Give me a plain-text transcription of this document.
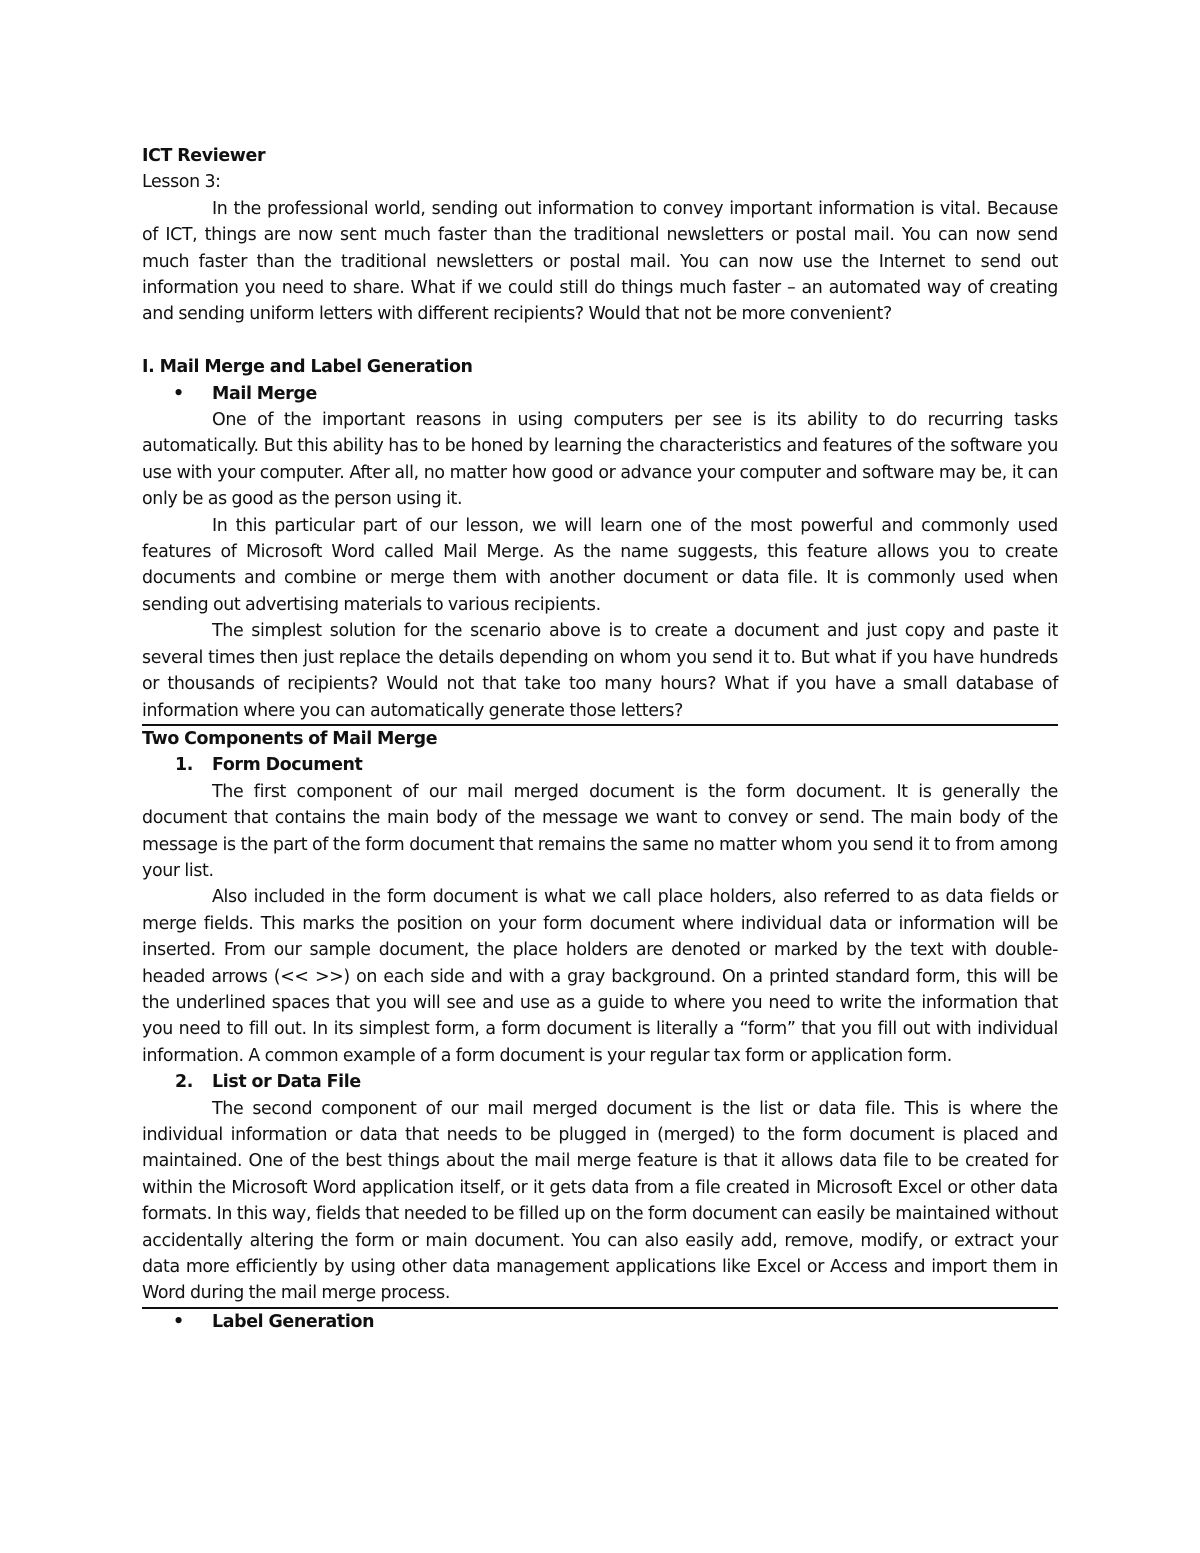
ICT Reviewer

Lesson 3:

In the professional world, sending out information to convey important information is vital. Because of ICT, things are now sent much faster than the traditional newsletters or postal mail. You can now send much faster than the traditional newsletters or postal mail. You can now use the Internet to send out information you need to share. What if we could still do things much faster – an automated way of creating and sending uniform letters with different recipients? Would that not be more convenient?

I. Mail Merge and Label Generation

• Mail Merge

One of the important reasons in using computers per see is its ability to do recurring tasks automatically. But this ability has to be honed by learning the characteristics and features of the software you use with your computer. After all, no matter how good or advance your computer and software may be, it can only be as good as the person using it.

In this particular part of our lesson, we will learn one of the most powerful and commonly used features of Microsoft Word called Mail Merge. As the name suggests, this feature allows you to create documents and combine or merge them with another document or data file. It is commonly used when sending out advertising materials to various recipients.

The simplest solution for the scenario above is to create a document and just copy and paste it several times then just replace the details depending on whom you send it to. But what if you have hundreds or thousands of recipients? Would not that take too many hours? What if you have a small database of information where you can automatically generate those letters?

Two Components of Mail Merge

1. Form Document

The first component of our mail merged document is the form document. It is generally the document that contains the main body of the message we want to convey or send. The main body of the message is the part of the form document that remains the same no matter whom you send it to from among your list.

Also included in the form document is what we call place holders, also referred to as data fields or merge fields. This marks the position on your form document where individual data or information will be inserted. From our sample document, the place holders are denoted or marked by the text with double-headed arrows (<< >>) on each side and with a gray background. On a printed standard form, this will be the underlined spaces that you will see and use as a guide to where you need to write the information that you need to fill out. In its simplest form, a form document is literally a “form” that you fill out with individual information. A common example of a form document is your regular tax form or application form.

2. List or Data File

The second component of our mail merged document is the list or data file. This is where the individual information or data that needs to be plugged in (merged) to the form document is placed and maintained. One of the best things about the mail merge feature is that it allows data file to be created for within the Microsoft Word application itself, or it gets data from a file created in Microsoft Excel or other data formats. In this way, fields that needed to be filled up on the form document can easily be maintained without accidentally altering the form or main document. You can also easily add, remove, modify, or extract your data more efficiently by using other data management applications like Excel or Access and import them in Word during the mail merge process.

• Label Generation
